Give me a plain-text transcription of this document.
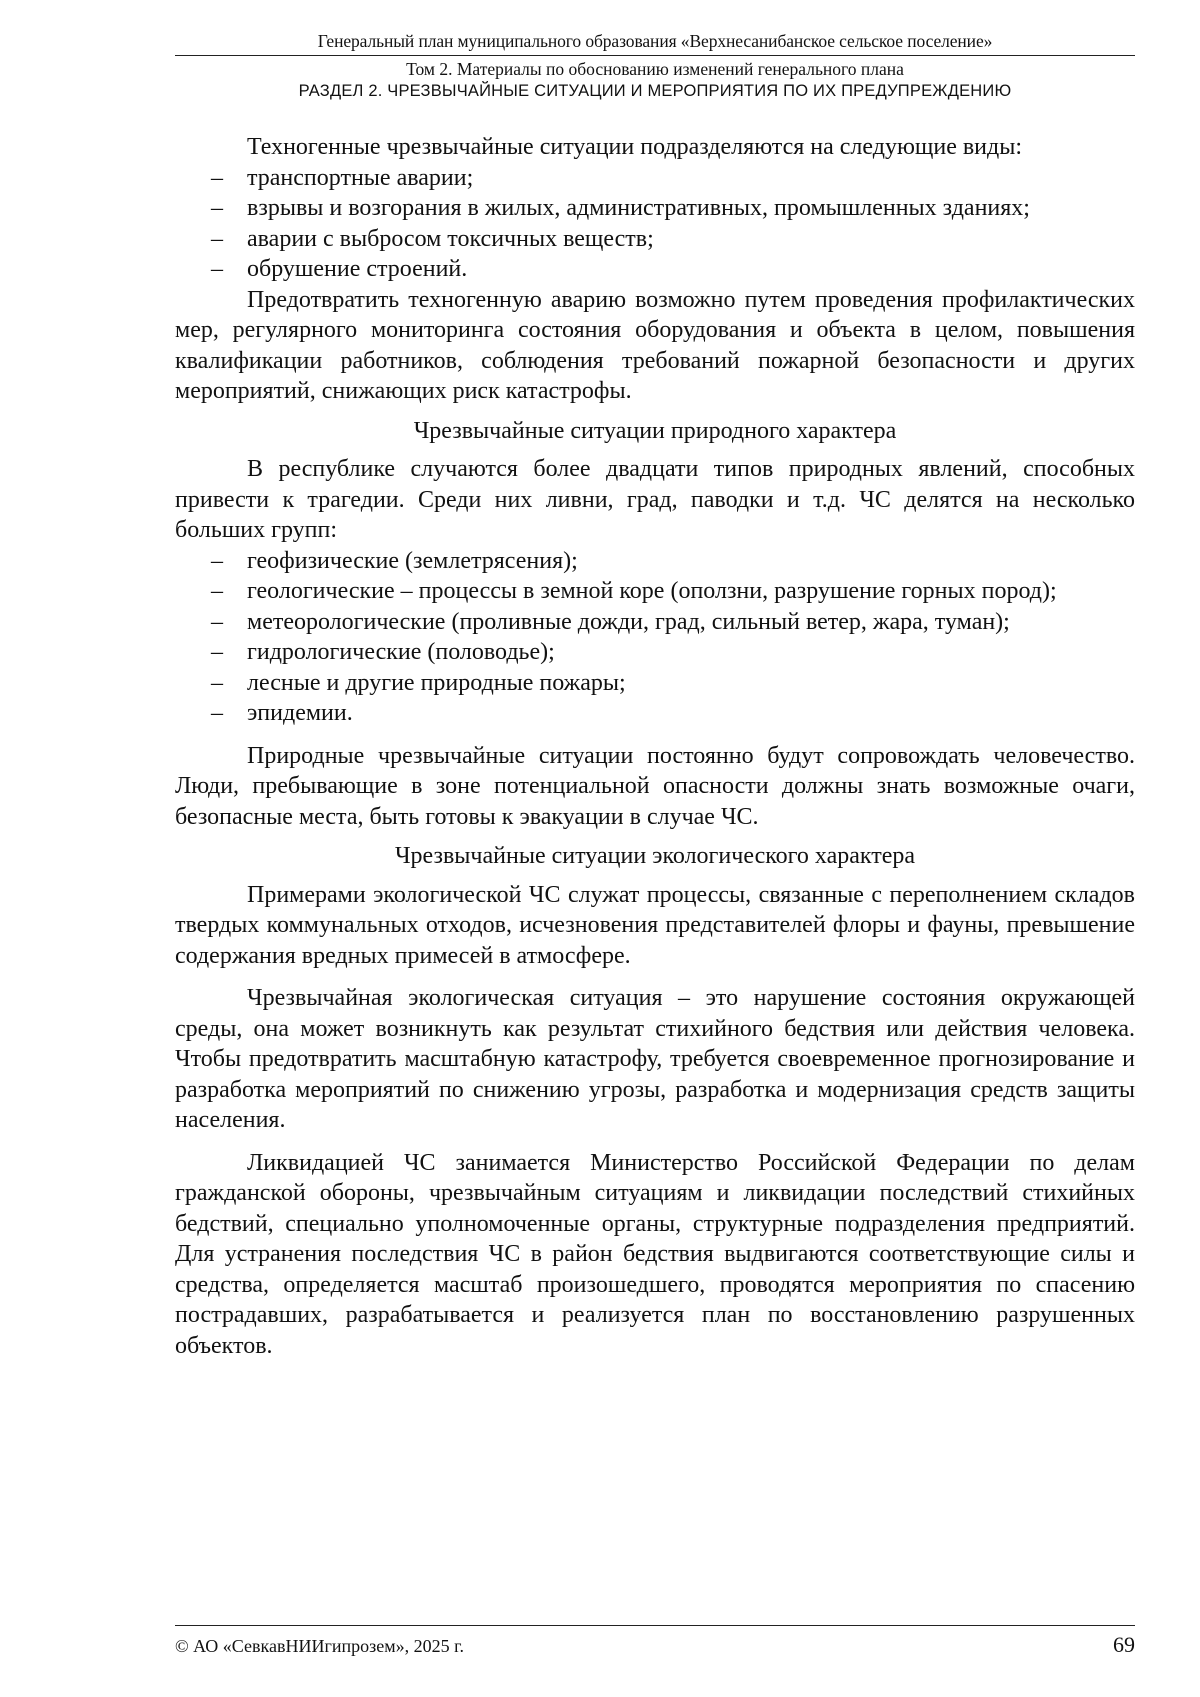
Генеральный план муниципального образования «Верхнесанибанское сельское поселение»
Том 2. Материалы по обоснованию изменений генерального плана
РАЗДЕЛ 2. ЧРЕЗВЫЧАЙНЫЕ СИТУАЦИИ И МЕРОПРИЯТИЯ ПО ИХ ПРЕДУПРЕЖДЕНИЮ

Техногенные чрезвычайные ситуации подразделяются на следующие виды:

– транспортные аварии;
– взрывы и возгорания в жилых, административных, промышленных зданиях;
– аварии с выбросом токсичных веществ;
– обрушение строений.

Предотвратить техногенную аварию возможно путем проведения профилактических мер, регулярного мониторинга состояния оборудования и объекта в целом, повышения квалификации работников, соблюдения требований пожарной безопасности и других мероприятий, снижающих риск катастрофы.

Чрезвычайные ситуации природного характера

В республике случаются более двадцати типов природных явлений, способных привести к трагедии. Среди них ливни, град, паводки и т.д. ЧС делятся на несколько больших групп:

– геофизические (землетрясения);
– геологические – процессы в земной коре (оползни, разрушение горных пород);
– метеорологические (проливные дожди, град, сильный ветер, жара, туман);
– гидрологические (половодье);
– лесные и другие природные пожары;
– эпидемии.

Природные чрезвычайные ситуации постоянно будут сопровождать человечество. Люди, пребывающие в зоне потенциальной опасности должны знать возможные очаги, безопасные места, быть готовы к эвакуации в случае ЧС.

Чрезвычайные ситуации экологического характера

Примерами экологической ЧС служат процессы, связанные с переполнением складов твердых коммунальных отходов, исчезновения представителей флоры и фауны, превышение содержания вредных примесей в атмосфере.

Чрезвычайная экологическая ситуация – это нарушение состояния окружающей среды, она может возникнуть как результат стихийного бедствия или действия человека. Чтобы предотвратить масштабную катастрофу, требуется своевременное прогнозирование и разработка мероприятий по снижению угрозы, разработка и модернизация средств защиты населения.

Ликвидацией ЧС занимается Министерство Российской Федерации по делам гражданской обороны, чрезвычайным ситуациям и ликвидации последствий стихийных бедствий, специально уполномоченные органы, структурные подразделения предприятий. Для устранения последствия ЧС в район бедствия выдвигаются соответствующие силы и средства, определяется масштаб произошедшего, проводятся мероприятия по спасению пострадавших, разрабатывается и реализуется план по восстановлению разрушенных объектов.

© АО «СевкавНИИгипрозем», 2025 г.	69
